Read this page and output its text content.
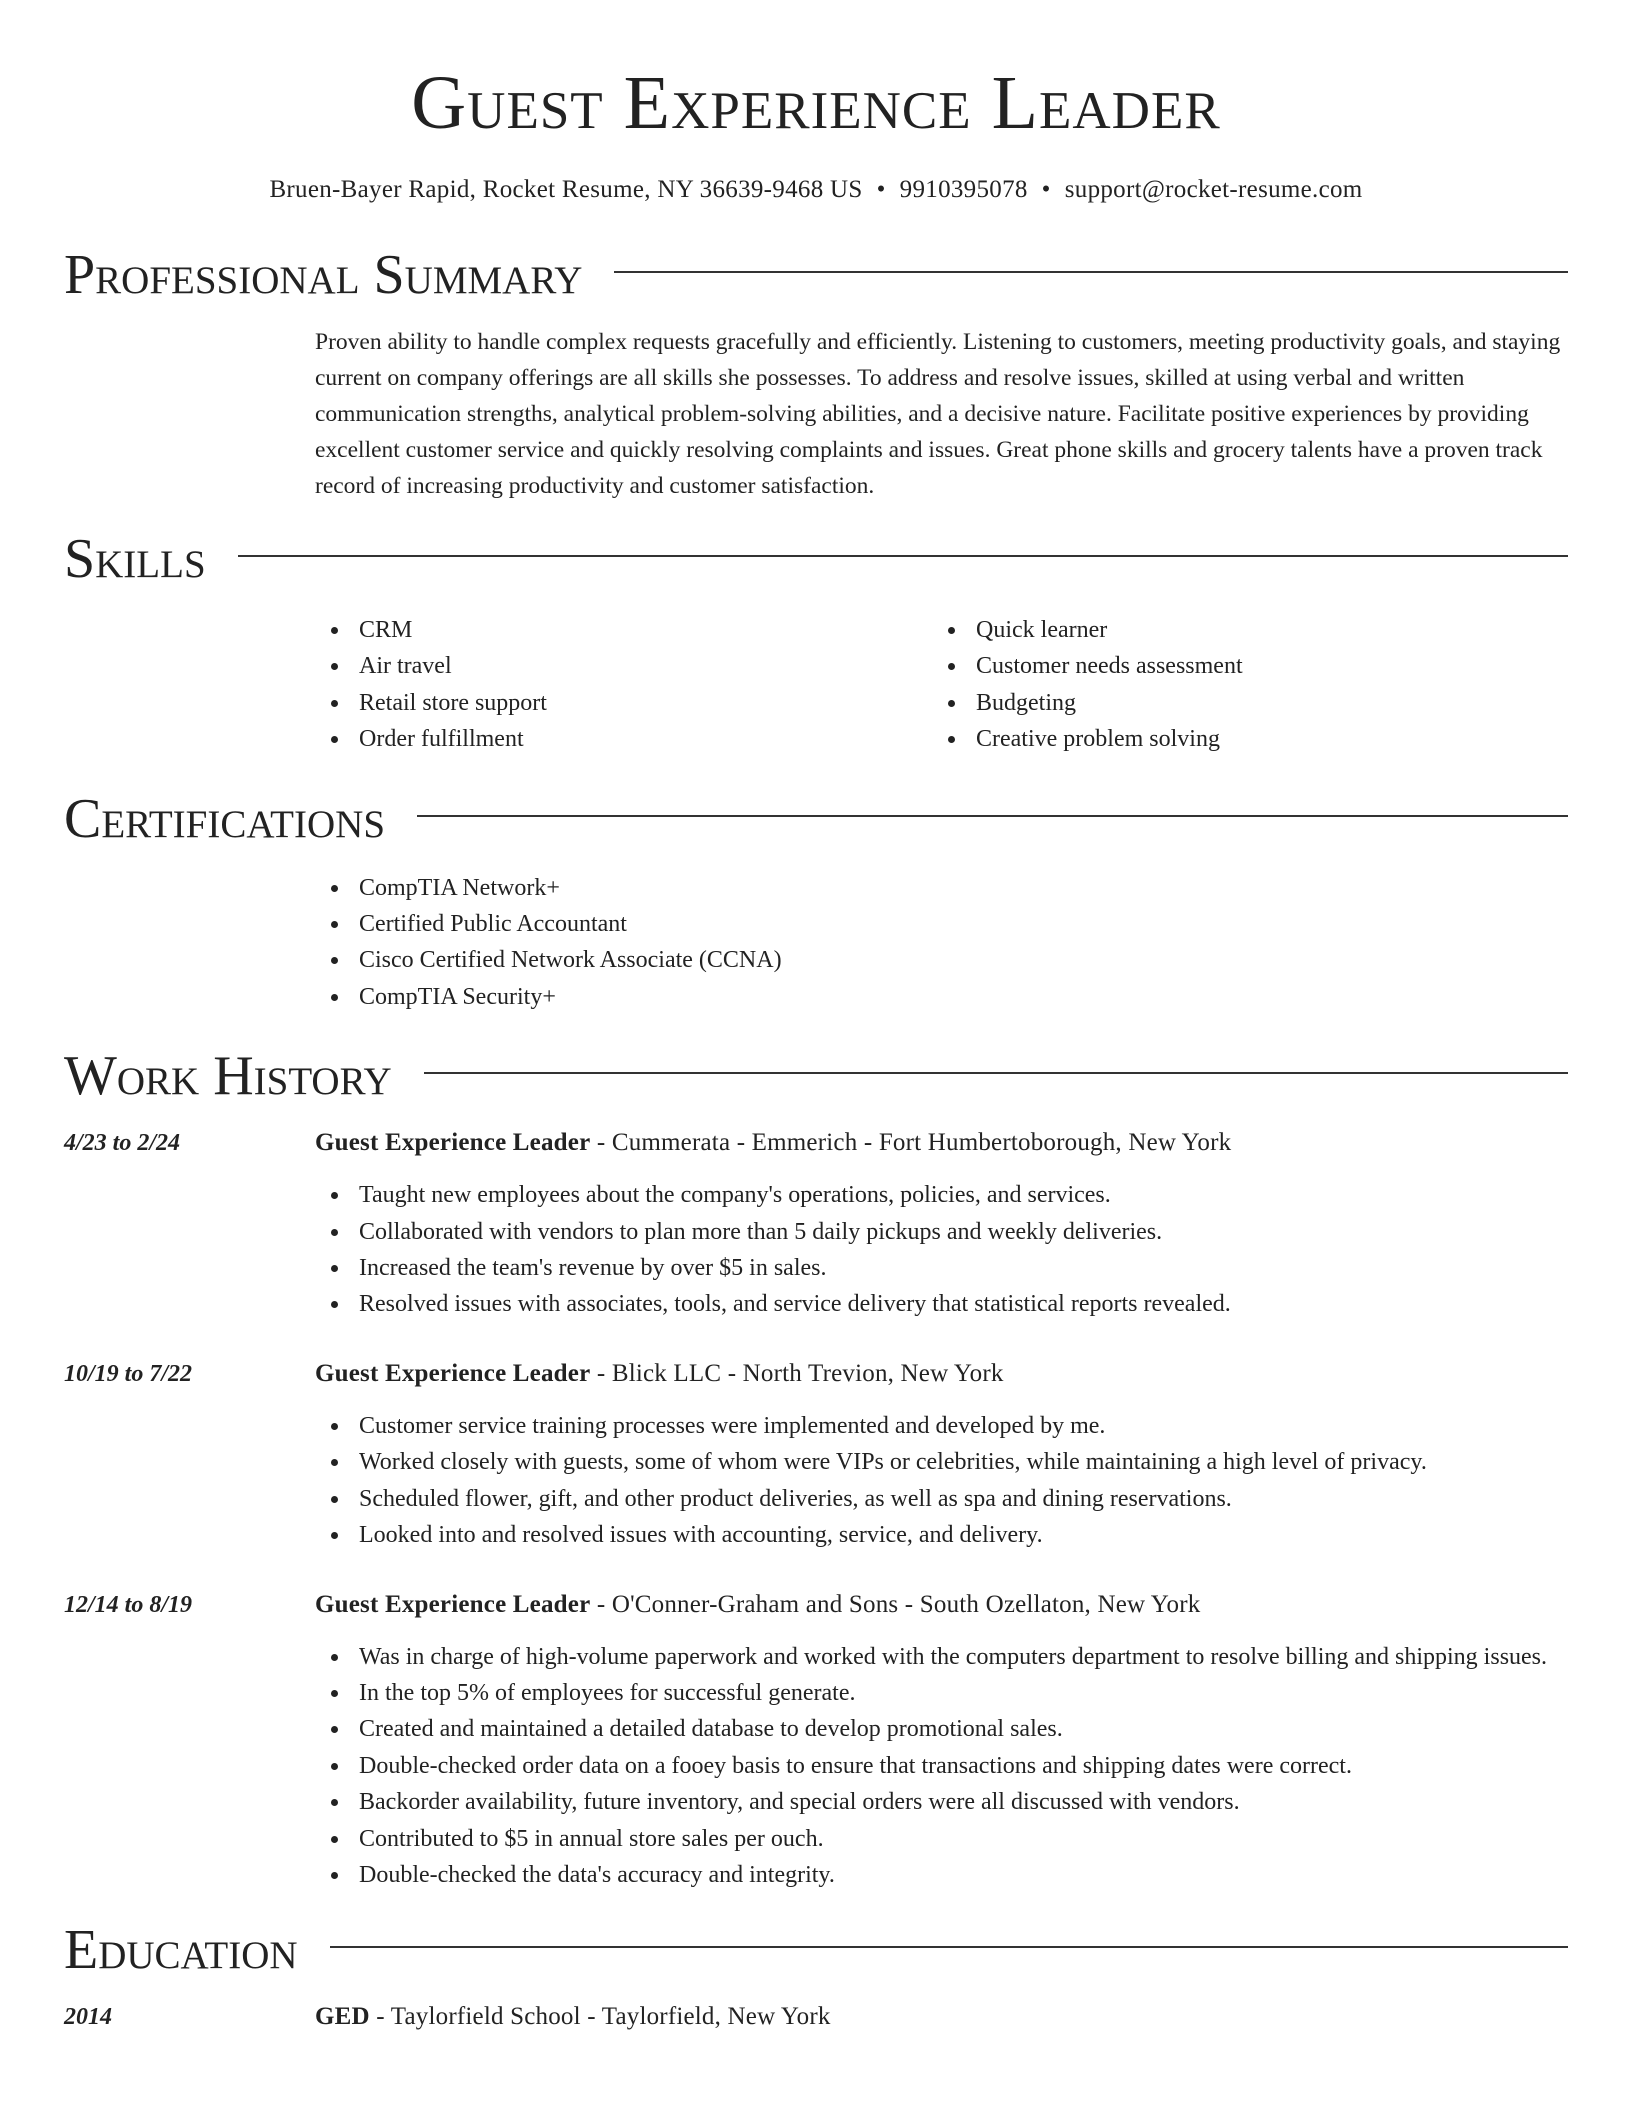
Guest Experience Leader
Bruen-Bayer Rapid, Rocket Resume, NY 36639-9468 US • 9910395078 • support@rocket-resume.com
Professional Summary

Proven ability to handle complex requests gracefully and efficiently. Listening to customers, meeting productivity goals, and staying current on company offerings are all skills she possesses. To address and resolve issues, skilled at using verbal and written communication strengths, analytical problem-solving abilities, and a decisive nature. Facilitate positive experiences by providing excellent customer service and quickly resolving complaints and issues. Great phone skills and grocery talents have a proven track record of increasing productivity and customer satisfaction.

Skills
CRM
Air travel
Retail store support
Order fulfillment
Quick learner
Customer needs assessment
Budgeting
Creative problem solving
Certifications
CompTIA Network+
Certified Public Accountant
Cisco Certified Network Associate (CCNA)
CompTIA Security+
Work History
4/23 to 2/24	Guest Experience Leader - Cummerata - Emmerich - Fort Humbertoborough, New York
Taught new employees about the company's operations, policies, and services.
Collaborated with vendors to plan more than 5 daily pickups and weekly deliveries.
Increased the team's revenue by over $5 in sales.
Resolved issues with associates, tools, and service delivery that statistical reports revealed.
10/19 to 7/22	Guest Experience Leader - Blick LLC - North Trevion, New York
Customer service training processes were implemented and developed by me.
Worked closely with guests, some of whom were VIPs or celebrities, while maintaining a high level of privacy.
Scheduled flower, gift, and other product deliveries, as well as spa and dining reservations.
Looked into and resolved issues with accounting, service, and delivery.
12/14 to 8/19	Guest Experience Leader - O'Conner-Graham and Sons - South Ozellaton, New York
Was in charge of high-volume paperwork and worked with the computers department to resolve billing and shipping issues.
In the top 5% of employees for successful generate.
Created and maintained a detailed database to develop promotional sales.
Double-checked order data on a fooey basis to ensure that transactions and shipping dates were correct.
Backorder availability, future inventory, and special orders were all discussed with vendors.
Contributed to $5 in annual store sales per ouch.
Double-checked the data's accuracy and integrity.
Education
2014	GED - Taylorfield School - Taylorfield, New York
